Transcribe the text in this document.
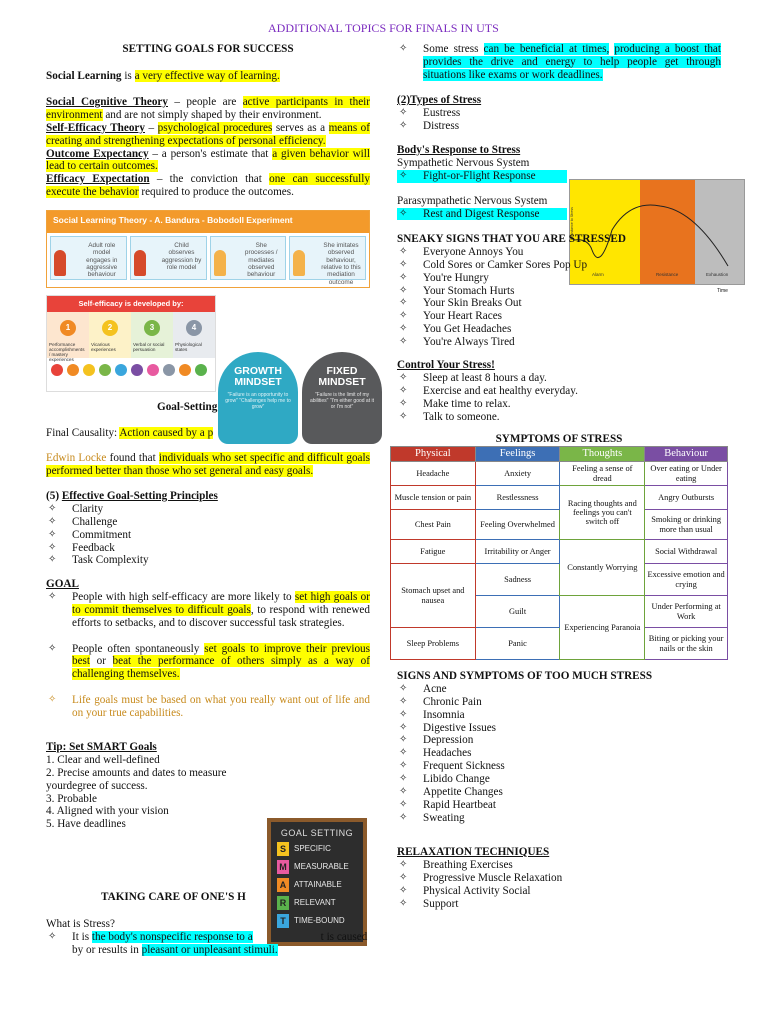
ADDITIONAL TOPICS FOR FINALS IN UTS
SETTING GOALS FOR SUCCESS
Social Learning is a very effective way of learning.
Social Cognitive Theory – people are active participants in their environment and are not simply shaped by their environment.
Self-Efficacy Theory – psychological procedures serves as a means of creating and strengthening expectations of personal efficiency.
Outcome Expectancy – a person's estimate that a given behavior will lead to certain outcomes.
Efficacy Expectation – the conviction that one can successfully execute the behavior required to produce the outcomes.
Social Learning Theory - A. Bandura - Bobodoll Experiment
Adult role model engages in aggressive behaviour
Child observes aggression by role model
She processes / mediates observed behaviour
She imitates observed behaviour, relative to this mediation outcome
Self-efficacy is developed by:
1
Performance accomplishments / mastery experiences
2
Vicarious experiences
3
Verbal or social persuasion
4
Physiological states
Goal-Setting
Final Causality: Action caused by a p
GROWTH MINDSET
"Failure is an opportunity to grow" "Challenges help me to grow"
FIXED MINDSET
"Failure is the limit of my abilities" "I'm either good at it or I'm not"
Edwin Locke found that individuals who set specific and difficult goals performed better than those who set general and easy goals.
(5) Effective Goal-Setting Principles
✧ Clarity
✧ Challenge
✧ Commitment
✧ Feedback
✧ Task Complexity
GOAL
✧ People with high self-efficacy are more likely to set high goals or to commit themselves to difficult goals, to respond with renewed efforts to setbacks, and to discover successful task strategies.
✧ People often spontaneously set goals to improve their previous best or beat the performance of others simply as a way of challenging themselves.
✧ Life goals must be based on what you really want out of life and on your true capabilities.
Tip: Set SMART Goals
1. Clear and well-defined
2. Precise amounts and dates to measure yourdegree of success.
3. Probable
4. Aligned with your vision
5. Have deadlines
GOAL SETTING
S	SPECIFIC
M MEASURABLE
A ATTAINABLE
R RELEVANT
T	TIME-BOUND
TAKING CARE OF ONE'S H
What is Stress?
✧ It is the body's nonspecific response to a	t is caused by or results in pleasant or unpleasant stimuli.
✧ Some stress can be beneficial at times, producing a boost that provides the drive and energy to help people get through situations like exams or work deadlines.
(2)Types of Stress
✧ Eustress
✧ Distress
Body's Response to Stress
Sympathetic Nervous System
✧ Fight-or-Flight Response
Parasympathetic Nervous System
✧ Rest and Digest Response
Alarm	Resistance	Exhaustion
Resistance to Stress
Time
SNEAKY SIGNS THAT YOU ARE STRESSED
✧ Everyone Annoys You
✧ Cold Sores or Camker Sores Pop Up
✧ You're Hungry
✧ Your Stomach Hurts
✧ Your Skin Breaks Out
✧ Your Heart Races
✧ You Get Headaches
✧ You're Always Tired
Control Your Stress!
✧ Sleep at least 8 hours a day.
✧ Exercise and eat healthy everyday.
✧ Make time to relax.
✧ Talk to someone.
SYMPTOMS OF STRESS
Physical	Feelings	Thoughts	Behaviour
Headache	Anxiety	Feeling a sense of dread	Over eating or Under eating
Muscle tension or pain	Restlessness	Racing thoughts and feelings you can't switch off	Angry Outbursts
Chest Pain	Feeling Overwhelmed		Smoking or drinking more than usual
Fatigue	Irritability or Anger	Constantly Worrying	Social Withdrawal
Stomach upset and nausea	Sadness		Excessive emotion and crying
	Guilt	Experiencing Paranoia	Under Performing at Work
Sleep Problems	Panic		Biting or picking your nails or the skin
SIGNS AND SYMPTOMS OF TOO MUCH STRESS
✧ Acne
✧ Chronic Pain
✧ Insomnia
✧ Digestive Issues
✧ Depression
✧ Headaches
✧ Frequent Sickness
✧ Libido Change
✧ Appetite Changes
✧ Rapid Heartbeat
✧ Sweating
RELAXATION TECHNIQUES
✧ Breathing Exercises
✧ Progressive Muscle Relaxation
✧ Physical Activity Social
✧ Support
